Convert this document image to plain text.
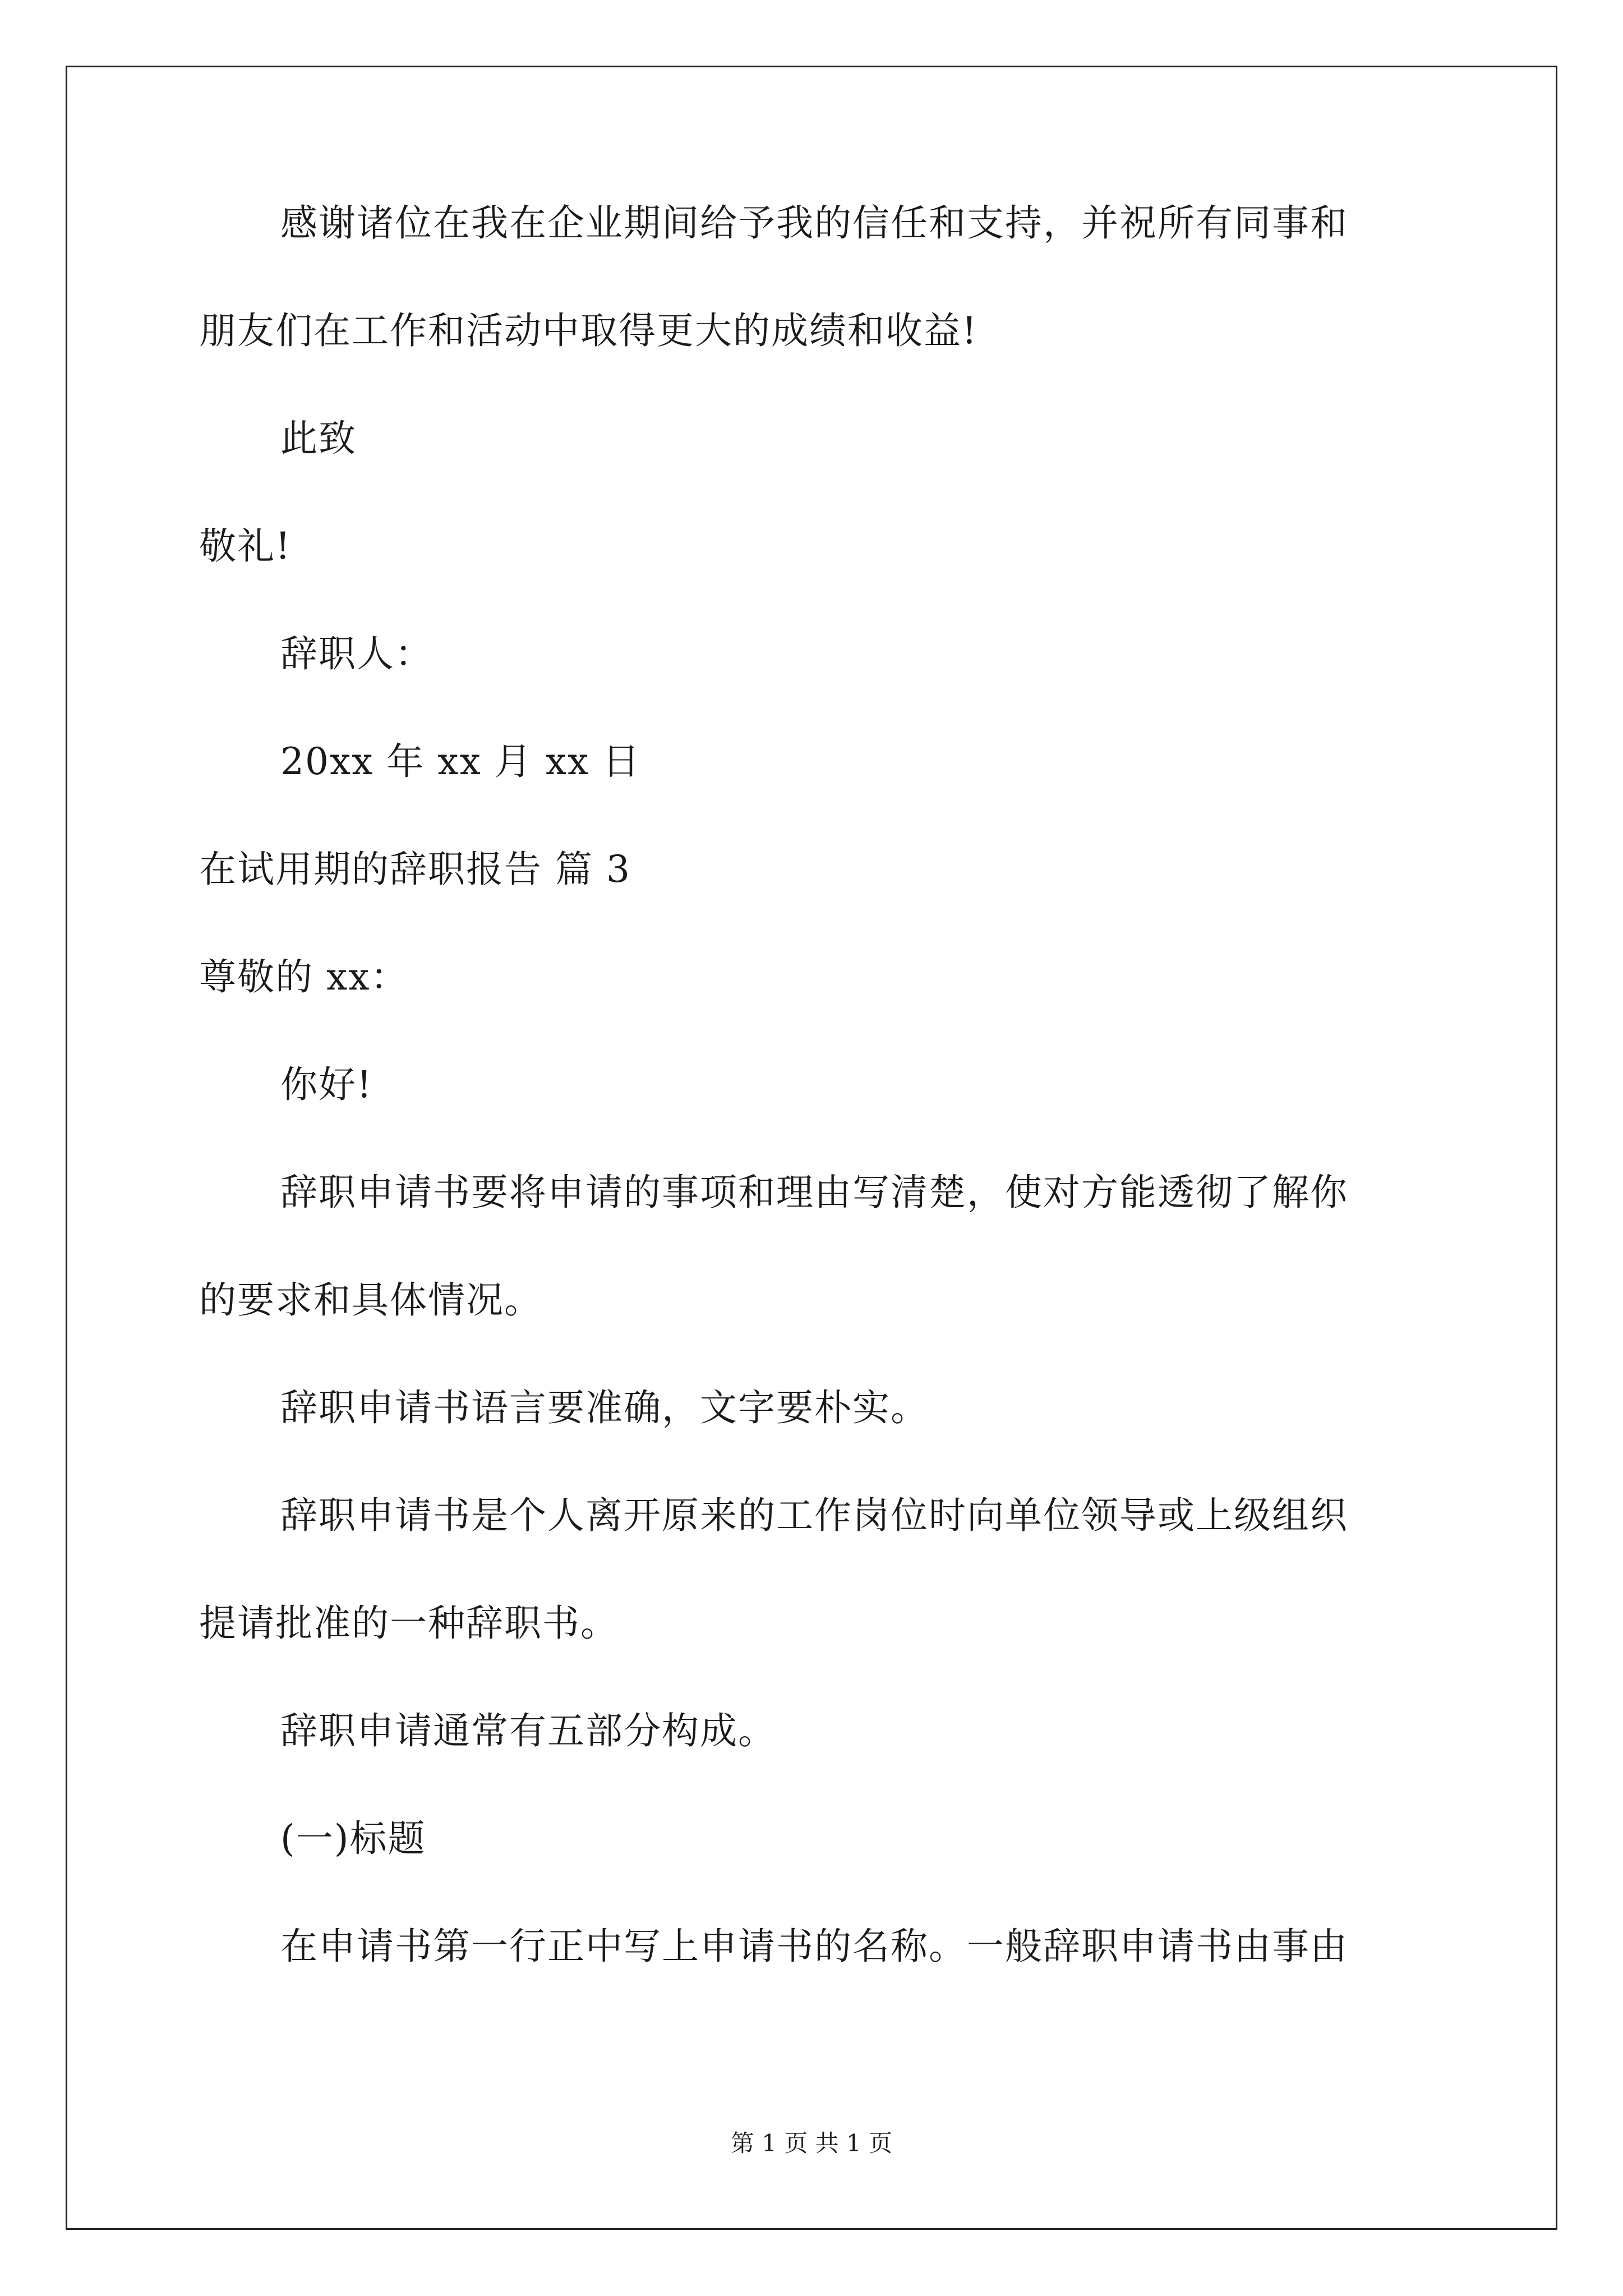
感谢诸位在我在企业期间给予我的信任和支持，并祝所有同事和
朋友们在工作和活动中取得更大的成绩和收益!
此致
敬礼!
辞职人：
20xx 年 xx 月 xx 日
在试用期的辞职报告 篇 3
尊敬的 xx：
你好!
辞职申请书要将申请的事项和理由写清楚，使对方能透彻了解你
的要求和具体情况。
辞职申请书语言要准确，文字要朴实。
辞职申请书是个人离开原来的工作岗位时向单位领导或上级组织
提请批准的一种辞职书。
辞职申请通常有五部分构成。
(一)标题
在申请书第一行正中写上申请书的名称。一般辞职申请书由事由
第 1 页 共 1 页
